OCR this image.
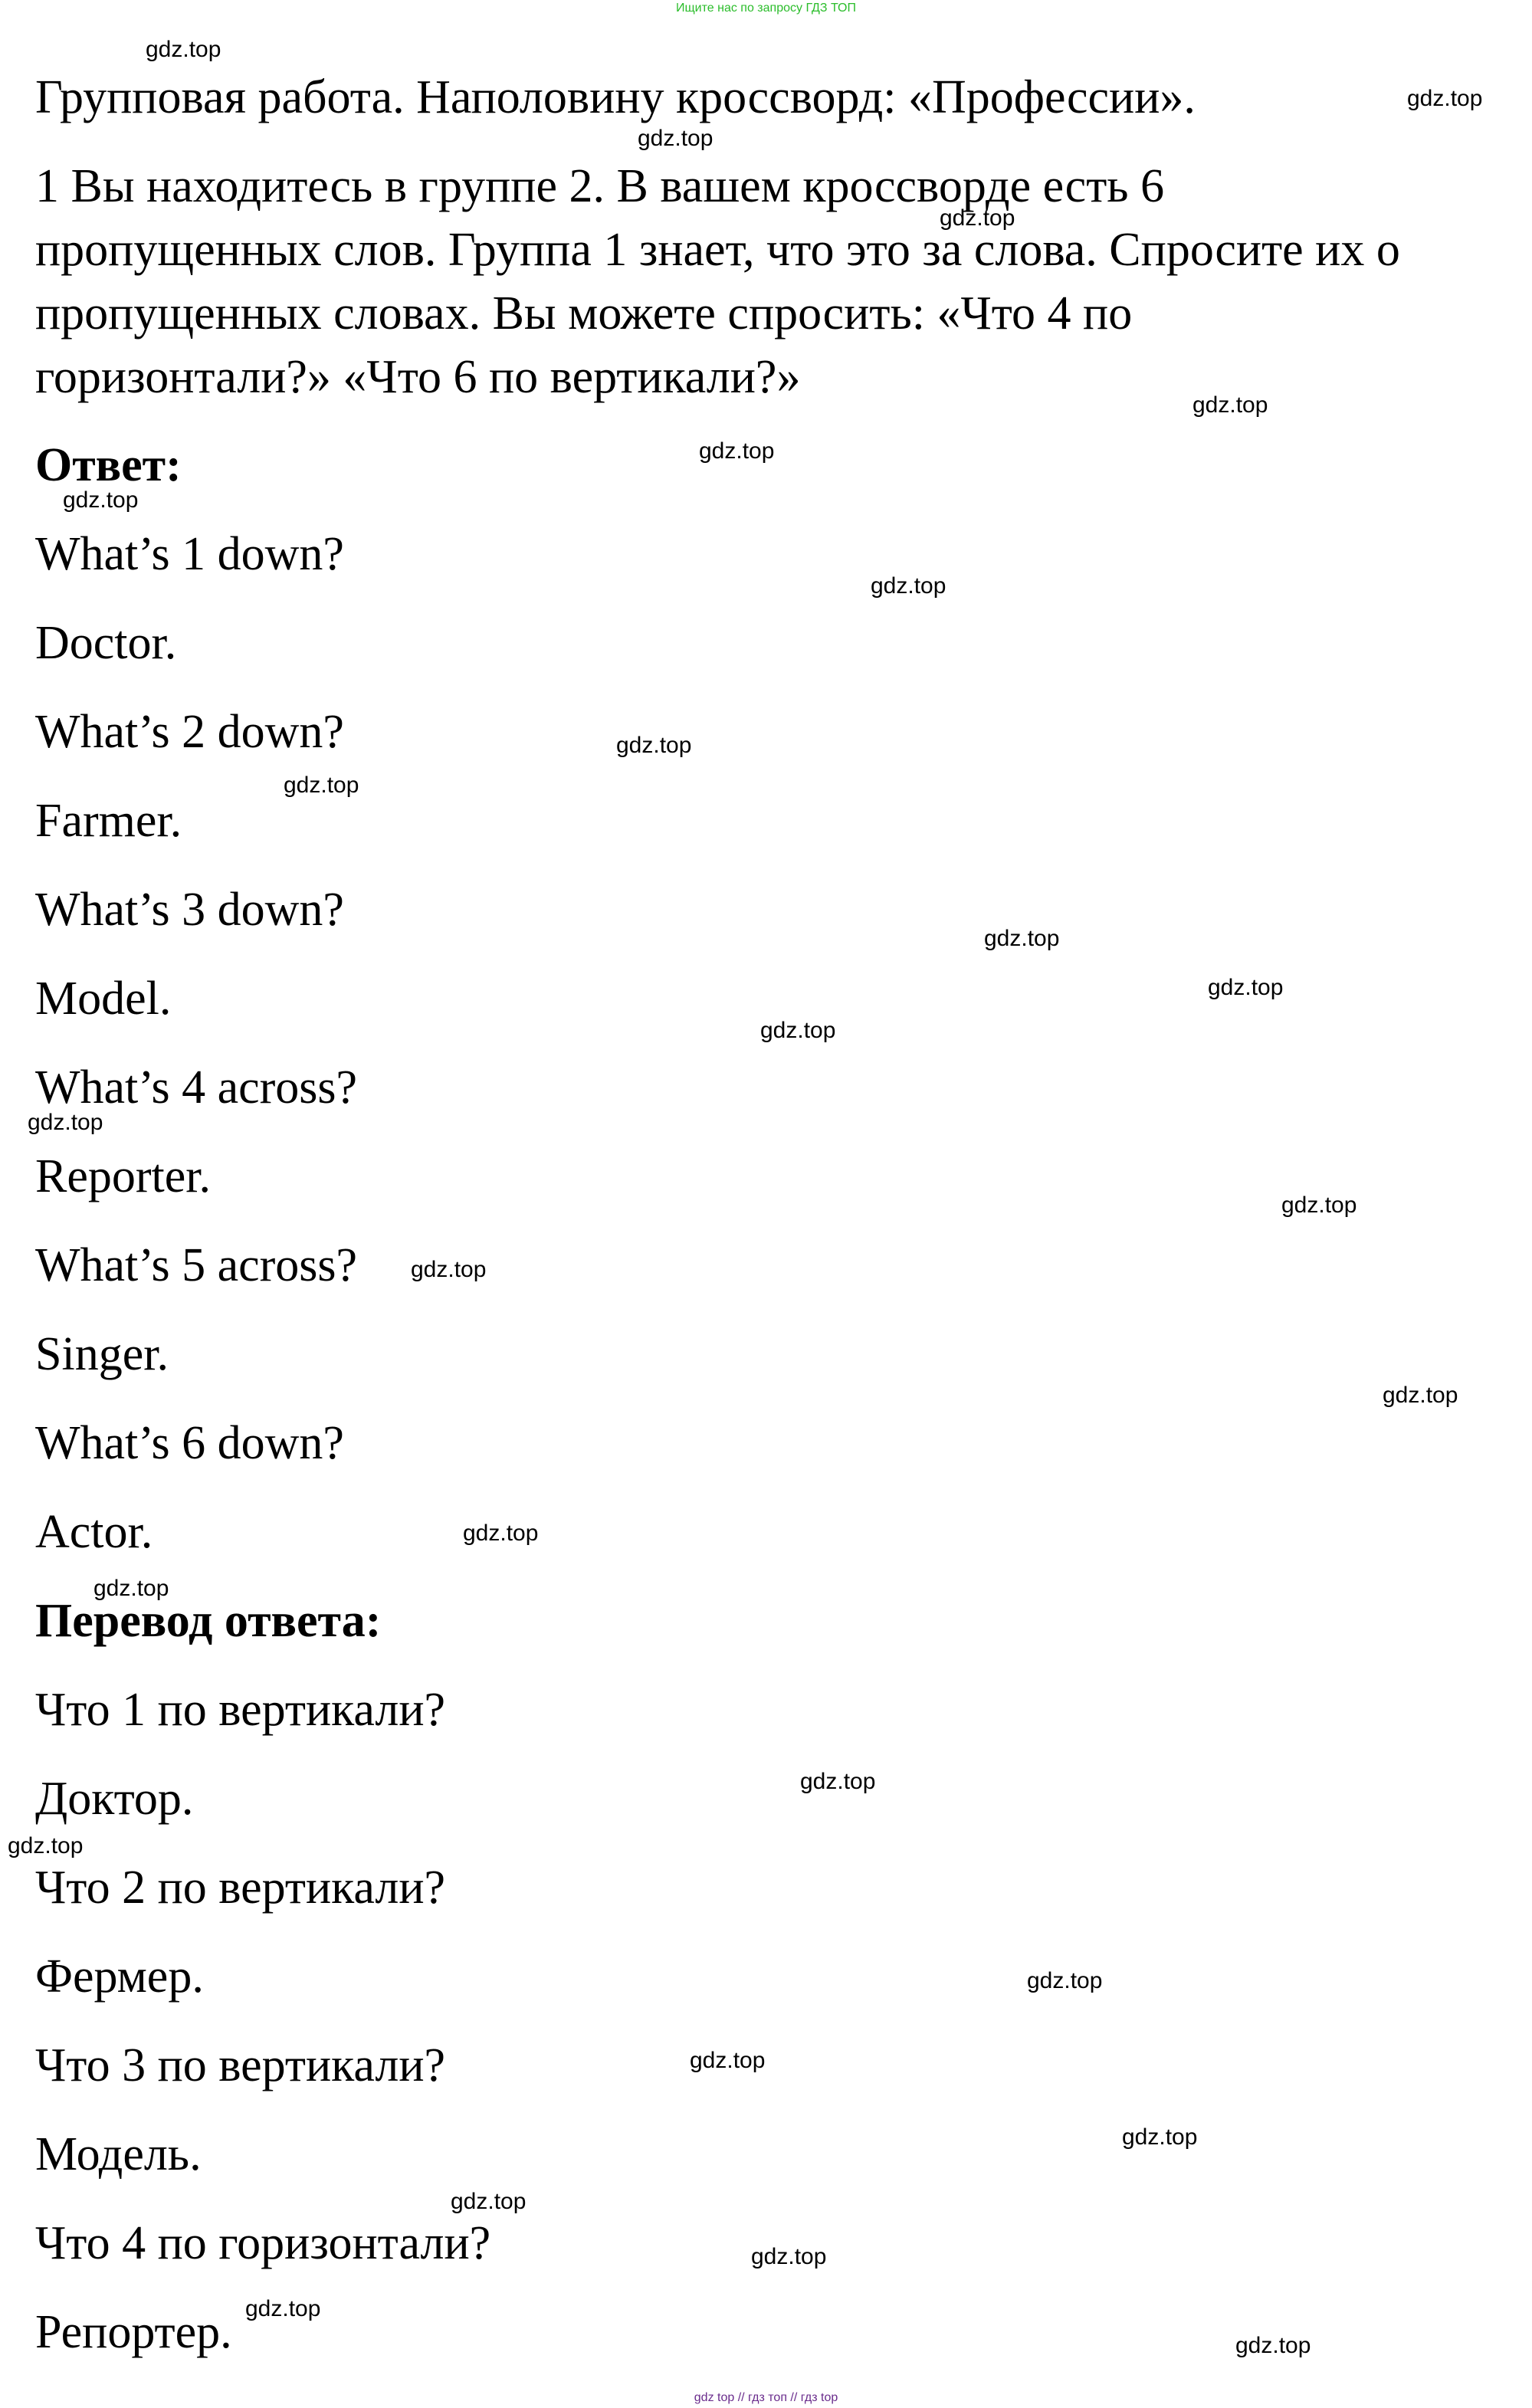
Ищите нас по запросу ГДЗ ТОП

Групповая работа. Наполовину кроссворд: «Профессии».

1 Вы находитесь в группе 2. В вашем кроссворде есть 6

пропущенных слов. Группа 1 знает, что это за слова. Спросите их о

пропущенных словах. Вы можете спросить: «Что 4 по

горизонтали?» «Что 6 по вертикали?»

Ответ:

What’s 1 down?

Doctor.

What’s 2 down?

Farmer.

What’s 3 down?

Model.

What’s 4 across?

Reporter.

What’s 5 across?

Singer.

What’s 6 down?

Actor.

Перевод ответа:

Что 1 по вертикали?

Доктор.

Что 2 по вертикали?

Фермер.

Что 3 по вертикали?

Модель.

Что 4 по горизонтали?

Репортер.

gdz.top
gdz.top
gdz.top
gdz.top
gdz.top
gdz.top
gdz.top
gdz.top
gdz.top
gdz.top
gdz.top
gdz.top
gdz.top
gdz.top
gdz.top
gdz.top
gdz.top
gdz.top
gdz.top
gdz.top
gdz.top
gdz.top
gdz.top
gdz.top
gdz.top
gdz.top
gdz.top
gdz.top
gdz top // гдз топ // гдз top
